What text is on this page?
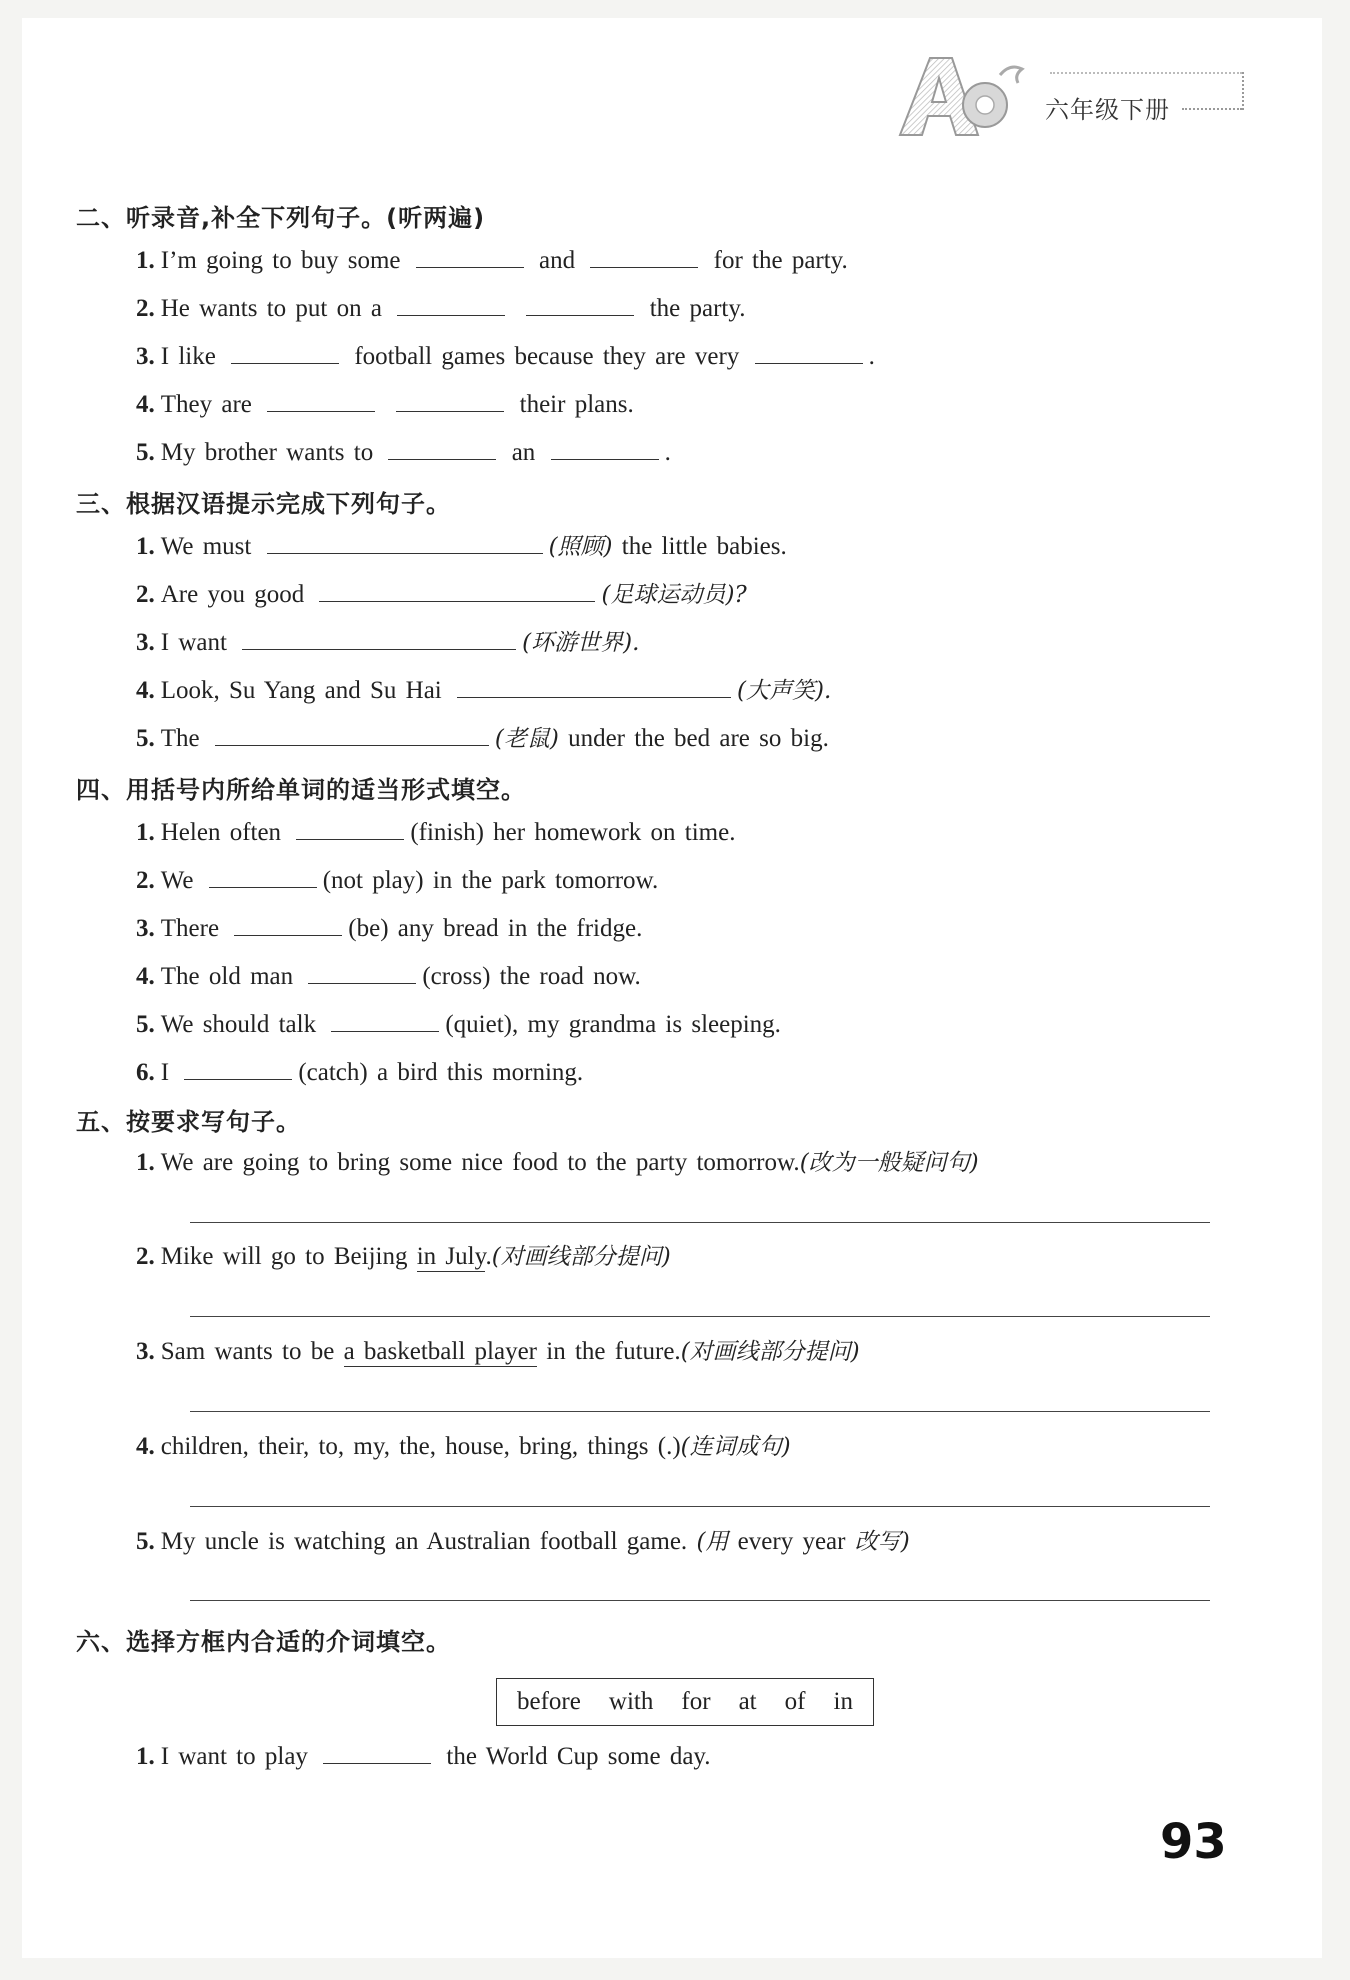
六年级下册
二、听录音,补全下列句子。(听两遍)
1. I’m going to buy some	and	for the party.
2. He wants to put on a	the party.
3. I like	football games because they are very	.
4. They are	their plans.
5. My brother wants to	an	.
三、根据汉语提示完成下列句子。
1. We must	(照顾) the little babies.
2. Are you good	(足球运动员)?
3. I want	(环游世界).
4. Look, Su Yang and Su Hai	(大声笑).
5. The	(老鼠) under the bed are so big.
四、用括号内所给单词的适当形式填空。
1. Helen often	(finish) her homework on time.
2. We	(not play) in the park tomorrow.
3. There	(be) any bread in the fridge.
4. The old man	(cross) the road now.
5. We should talk	(quiet), my grandma is sleeping.
6. I	(catch) a bird this morning.
五、按要求写句子。
1. We are going to bring some nice food to the party tomorrow.(改为一般疑问句)
2. Mike will go to Beijing in July.(对画线部分提问)
3. Sam wants to be a basketball player in the future.(对画线部分提问)
4. children, their, to, my, the, house, bring, things (.)(连词成句)
5. My uncle is watching an Australian football game. (用 every year 改写)
六、选择方框内合适的介词填空。
before with for at of in
1. I want to play	the World Cup some day.
93
